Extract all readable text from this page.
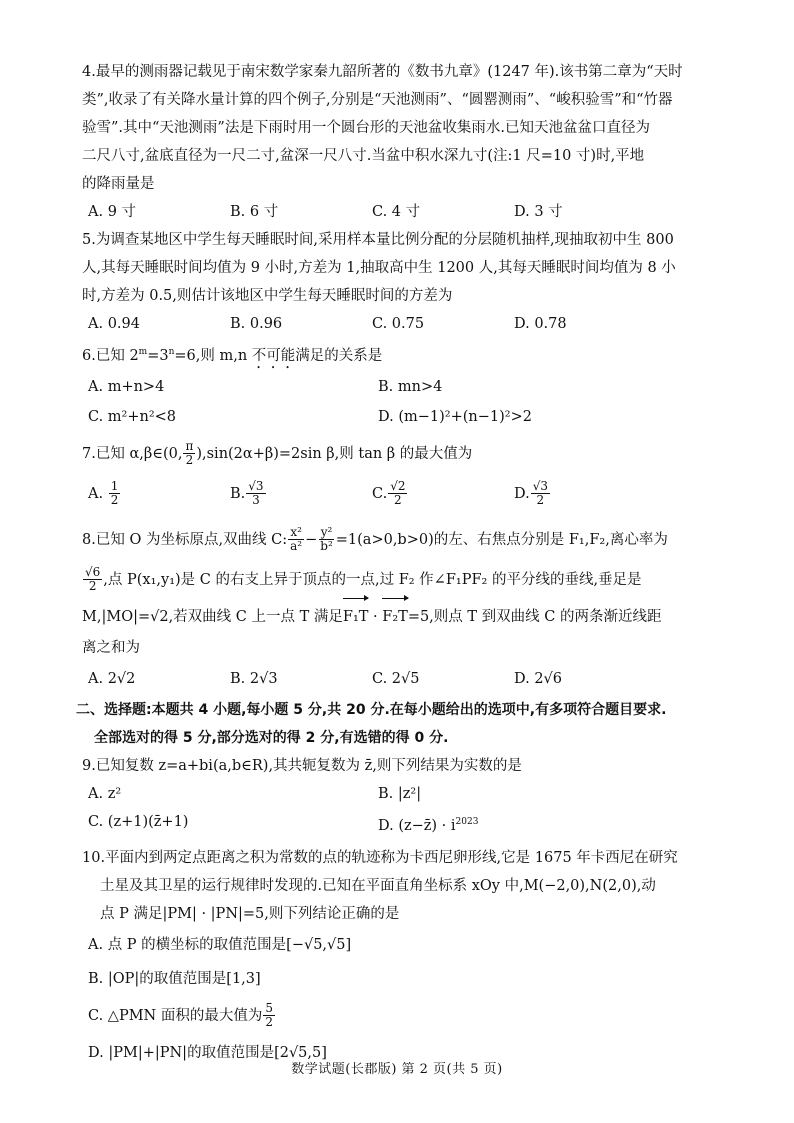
4.最早的测雨器记载见于南宋数学家秦九韶所著的《数书九章》(1247 年).该书第二章为“天时
类”,收录了有关降水量计算的四个例子,分别是“天池测雨”、“圆罂测雨”、“峻积验雪”和“竹器
验雪”.其中“天池测雨”法是下雨时用一个圆台形的天池盆收集雨水.已知天池盆盆口直径为
二尺八寸,盆底直径为一尺二寸,盆深一尺八寸.当盆中积水深九寸(注:1 尺=10 寸)时,平地
的降雨量是
A. 9 寸	B. 6 寸	C. 4 寸	D. 3 寸
5.为调查某地区中学生每天睡眠时间,采用样本量比例分配的分层随机抽样,现抽取初中生 800
人,其每天睡眠时间均值为 9 小时,方差为 1,抽取高中生 1200 人,其每天睡眠时间均值为 8 小
时,方差为 0.5,则估计该地区中学生每天睡眠时间的方差为
A. 0.94	B. 0.96	C. 0.75	D. 0.78
6.已知 $2^m=3^n=6$,则 m,n 不可能满足的关系是
A. m+n>4	B. mn>4
C. m²+n²<8	D. (m−1)²+(n−1)²>2
7.已知 α,β∈(0, $\frac{\pi}{2} ),\sin(2\alpha+\beta)=2\sin$ β,则 tan β 的最大值为
A. $\frac{1}{2}$	B. $\frac{√3}{3}$	C. $\frac{√2}{2}$	D. $\frac{√3}{2}$
8.已知 O 为坐标原点,双曲线 C: $\frac{\text{x²}}{\text{a²}} - \frac{\text{y²}}{\text{b²}} =1(a>0,b>0)$的左、右焦点分别是 F₁,F₂,离心率为
$\frac{√6}{2}$ ,点 P(x₁,y₁)是 C 的右支上异于顶点的一点,过 F₂ 作∠F₁PF₂ 的平分线的垂线,垂足是
M,|MO|=√2,若双曲线 C 上一点 T 满足F₁T · F₂T=5,则点 T 到双曲线 C 的两条渐近线距
离之和为
A. 2√2	B. 2√3	C. 2√5	D. 2√6
二、选择题:本题共 4 小题,每小题 5 分,共 20 分.在每小题给出的选项中,有多项符合题目要求.
全部选对的得 5 分,部分选对的得 2 分,有选错的得 0 分.
9.已知复数 z=a+bi(a,b∈R),其共轭复数为 z̄,则下列结果为实数的是
A. z²	B. |z²|
C. (z+1)(z̄+1)	D. (z−z̄) · $i^{2023}$
10.平面内到两定点距离之积为常数的点的轨迹称为卡西尼卵形线,它是 1675 年卡西尼在研究
土星及其卫星的运行规律时发现的.已知在平面直角坐标系 xOy 中,M(−2,0),N(2,0),动
点 P 满足|PM| · |PN|=5,则下列结论正确的是
A. 点 P 的横坐标的取值范围是[−√5,√5]
B. |OP|的取值范围是[1,3]
C. △PMN 面积的最大值为 $\frac{5}{2}$
D. |PM|+|PN|的取值范围是[2√5,5]
数学试题(长郡版) 第 2 页(共 5 页)
